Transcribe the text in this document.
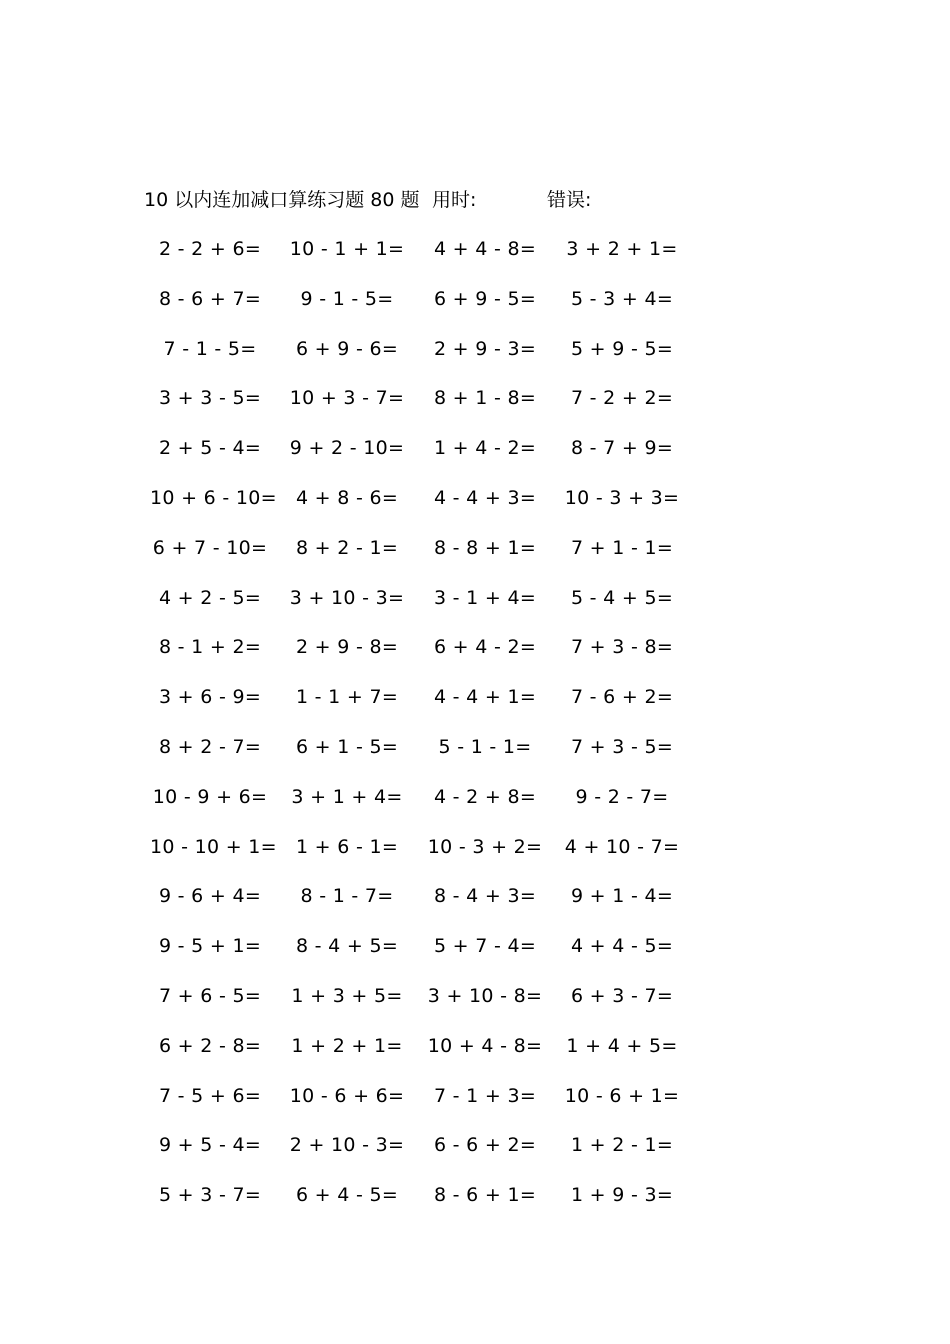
10 以内连加减口算练习题 80 题 用时:	错误:
2 - 2 + 6=	10 - 1 + 1=	4 + 4 - 8=	3 + 2 + 1=
8 - 6 + 7=	9 - 1 - 5=	6 + 9 - 5=	5 - 3 + 4=
7 - 1 - 5=	6 + 9 - 6=	2 + 9 - 3=	5 + 9 - 5=
3 + 3 - 5=	10 + 3 - 7=	8 + 1 - 8=	7 - 2 + 2=
2 + 5 - 4=	9 + 2 - 10=	1 + 4 - 2=	8 - 7 + 9=
10 + 6 - 10=	4 + 8 - 6=	4 - 4 + 3=	10 - 3 + 3=
6 + 7 - 10=	8 + 2 - 1=	8 - 8 + 1=	7 + 1 - 1=
4 + 2 - 5=	3 + 10 - 3=	3 - 1 + 4=	5 - 4 + 5=
8 - 1 + 2=	2 + 9 - 8=	6 + 4 - 2=	7 + 3 - 8=
3 + 6 - 9=	1 - 1 + 7=	4 - 4 + 1=	7 - 6 + 2=
8 + 2 - 7=	6 + 1 - 5=	5 - 1 - 1=	7 + 3 - 5=
10 - 9 + 6= 3 + 1 + 4=	4 - 2 + 8=	9 - 2 - 7=
10 - 10 + 1=	1 + 6 - 1=	10 - 3 + 2= 4 + 10 - 7=
9 - 6 + 4=	8 - 1 - 7=	8 - 4 + 3=	9 + 1 - 4=
9 - 5 + 1=	8 - 4 + 5=	5 + 7 - 4=	4 + 4 - 5=
7 + 6 - 5=	1 + 3 + 5= 3 + 10 - 8=	6 + 3 - 7=
6 + 2 - 8=	1 + 2 + 1= 10 + 4 - 8= 1 + 4 + 5=
7 - 5 + 6=	10 - 6 + 6=	7 - 1 + 3=	10 - 6 + 1=
9 + 5 - 4=	2 + 10 - 3=	6 - 6 + 2=	1 + 2 - 1=
5 + 3 - 7=	6 + 4 - 5=	8 - 6 + 1=	1 + 9 - 3=
